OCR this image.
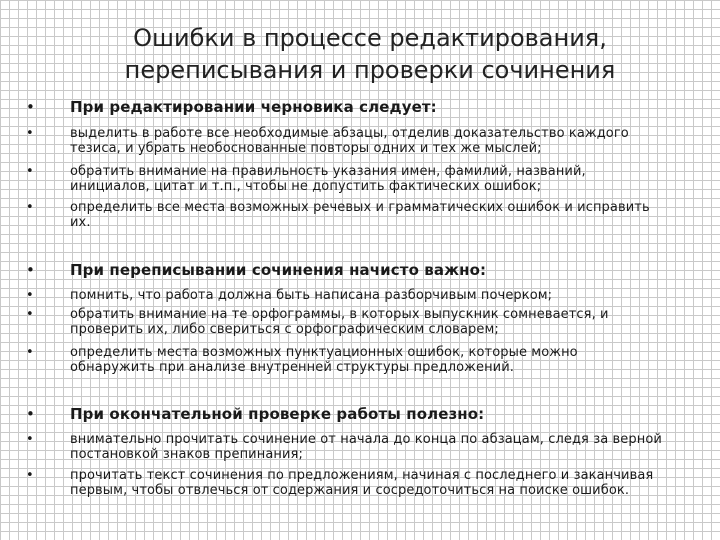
Ошибки в процессе редактирования,
переписывания и проверки сочинения
• При редактировании черновика следует:
•	выделить в работе все необходимые абзацы, отделив доказательство каждого тезиса, и убрать необоснованные повторы одних и тех же мыслей;
•	обратить внимание на правильность указания имен, фамилий, названий, инициалов, цитат и т.п., чтобы не допустить фактических ошибок;
•	определить все места возможных речевых и грамматических ошибок и исправить их.
• При переписывании сочинения начисто важно:
•	помнить, что работа должна быть написана разборчивым почерком;
•	обратить внимание на те орфограммы, в которых выпускник сомневается, и проверить их, либо свериться с орфографическим словарем;
•	определить места возможных пунктуационных ошибок, которые можно обнаружить при анализе внутренней структуры предложений.
• При окончательной проверке работы полезно:
•	внимательно прочитать сочинение от начала до конца по абзацам, следя за верной постановкой знаков препинания;
•	прочитать текст сочинения по предложениям, начиная с последнего и заканчивая первым, чтобы отвлечься от содержания и сосредоточиться на поиске ошибок.
